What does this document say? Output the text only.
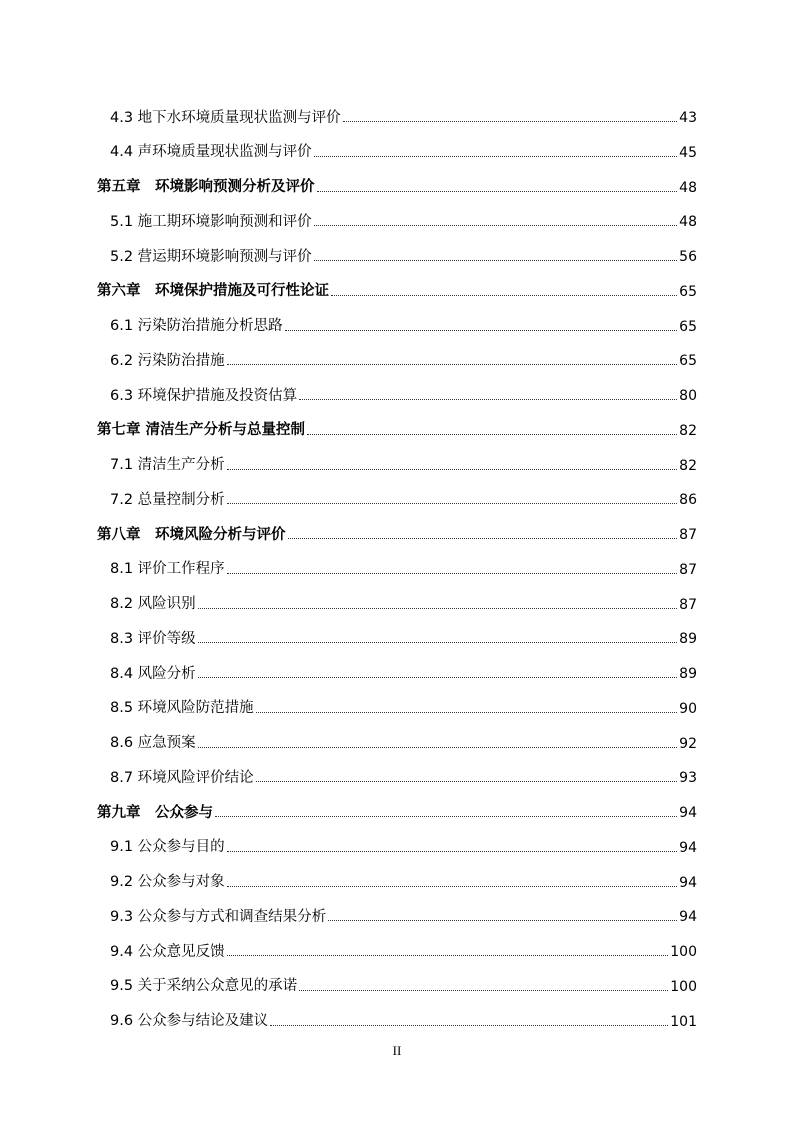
4.3 地下水环境质量现状监测与评价	43
4.4 声环境质量现状监测与评价	45
第五章　环境影响预测分析及评价	48
5.1 施工期环境影响预测和评价	48
5.2 营运期环境影响预测与评价	56
第六章　环境保护措施及可行性论证	65
6.1 污染防治措施分析思路	65
6.2 污染防治措施	65
6.3 环境保护措施及投资估算	80
第七章 清洁生产分析与总量控制	82
7.1 清洁生产分析	82
7.2 总量控制分析	86
第八章　环境风险分析与评价	87
8.1 评价工作程序	87
8.2 风险识别	87
8.3 评价等级	89
8.4 风险分析	89
8.5 环境风险防范措施	90
8.6 应急预案	92
8.7 环境风险评价结论	93
第九章　公众参与	94
9.1 公众参与目的	94
9.2 公众参与对象	94
9.3 公众参与方式和调查结果分析	94
9.4 公众意见反馈	100
9.5 关于采纳公众意见的承诺	100
9.6 公众参与结论及建议	101
II
